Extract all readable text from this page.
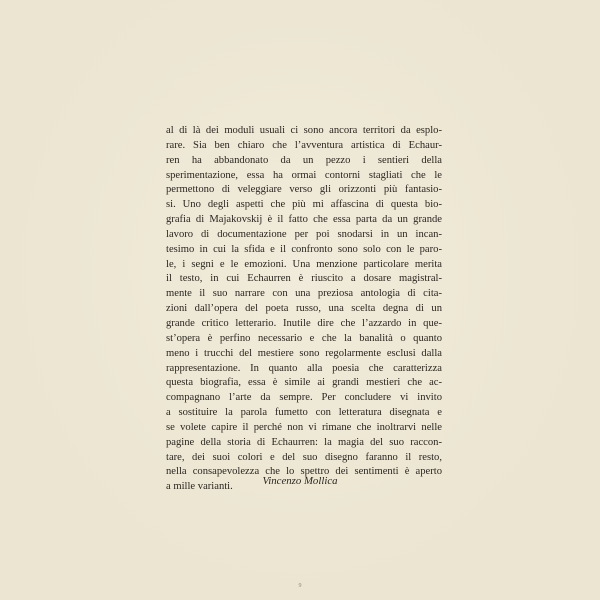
al di là dei moduli usuali ci sono ancora territori da esplo-
rare. Sia ben chiaro che l’avventura artistica di Echaur-
ren ha abbandonato da un pezzo i sentieri della
sperimentazione, essa ha ormai contorni stagliati che le
permettono di veleggiare verso gli orizzonti più fantasio-
si. Uno degli aspetti che più mi affascina di questa bio-
grafia di Majakovskij è il fatto che essa parta da un grande
lavoro di documentazione per poi snodarsi in un incan-
tesimo in cui la sfida e il confronto sono solo con le paro-
le, i segni e le emozioni. Una menzione particolare merita
il testo, in cui Echaurren è riuscito a dosare magistral-
mente il suo narrare con una preziosa antologia di cita-
zioni dall’opera del poeta russo, una scelta degna di un
grande critico letterario. Inutile dire che l’azzardo in que-
st’opera è perfino necessario e che la banalità o quanto
meno i trucchi del mestiere sono regolarmente esclusi dalla
rappresentazione. In quanto alla poesia che caratterizza
questa biografia, essa è simile ai grandi mestieri che ac-
compagnano l’arte da sempre. Per concludere vi invito
a sostituire la parola fumetto con letteratura disegnata e
se volete capire il perché non vi rimane che inoltrarvi nelle
pagine della storia di Echaurren: la magia del suo raccon-
tare, dei suoi colori e del suo disegno faranno il resto,
nella consapevolezza che lo spettro dei sentimenti è aperto
a mille varianti.	Vincenzo Mollica
9
